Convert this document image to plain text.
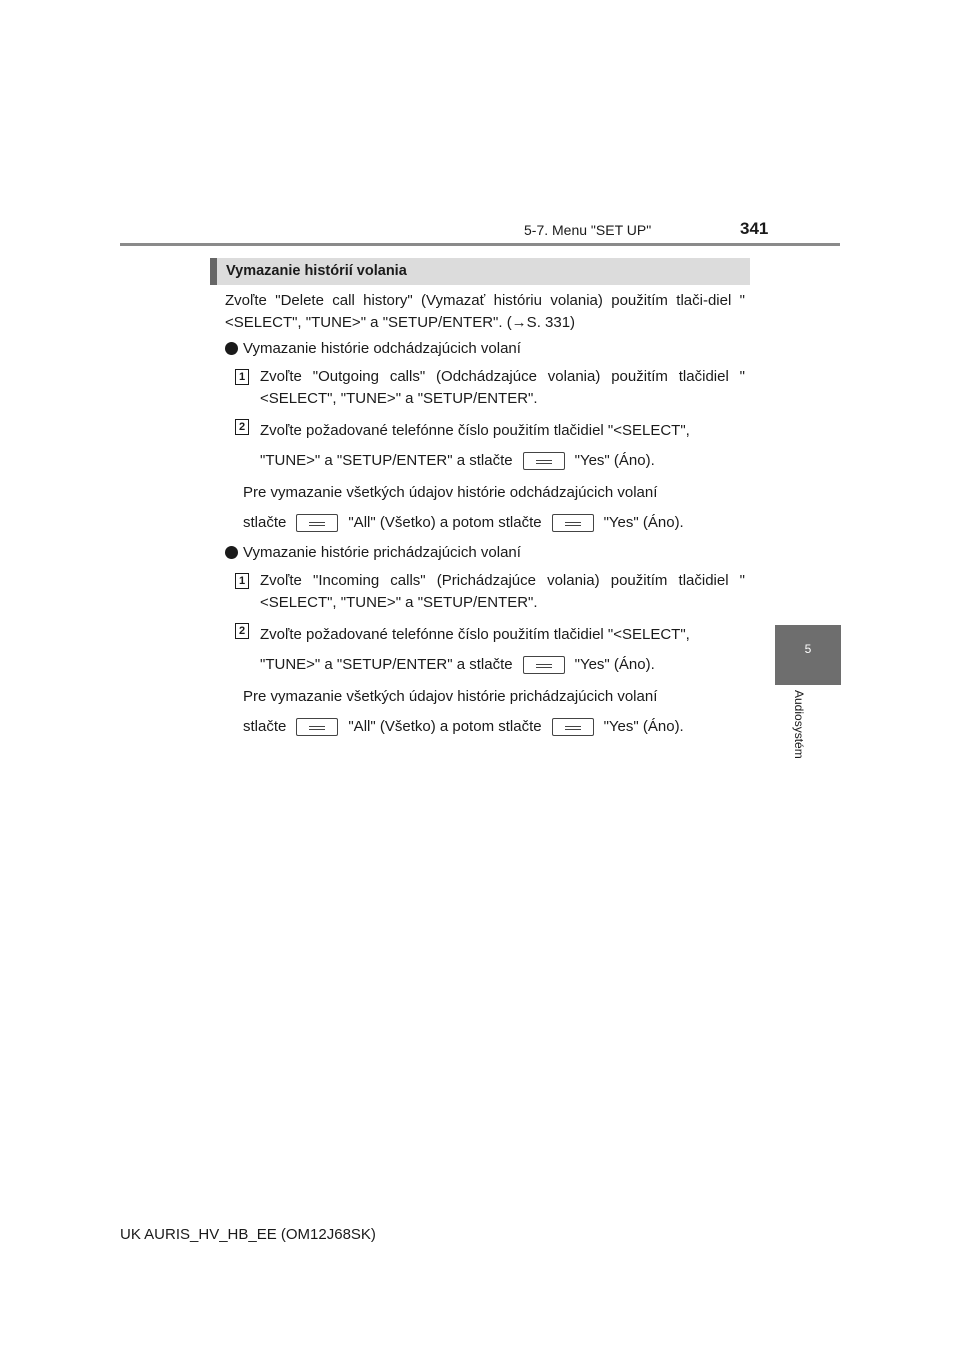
5-7. Menu "SET UP"	341
5
Audiosystém
Vymazanie histórií volania

Zvoľte "Delete call history" (Vymazať históriu volania) použitím tlači-diel "<SELECT", "TUNE>" a "SETUP/ENTER". (→S. 331)

Vymazanie histórie odchádzajúcich volaní
1 Zvoľte "Outgoing calls" (Odchádzajúce volania) použitím tlačidiel "<SELECT", "TUNE>" a "SETUP/ENTER".
2 Zvoľte požadované telefónne číslo použitím tlačidiel "<SELECT",
"TUNE>" a "SETUP/ENTER" a stlačte	"Yes" (Áno).
Pre vymazanie všetkých údajov histórie odchádzajúcich volaní
stlačte	"All" (Všetko) a potom stlačte	"Yes" (Áno).
Vymazanie histórie prichádzajúcich volaní
1 Zvoľte "Incoming calls" (Prichádzajúce volania) použitím tlačidiel "<SELECT", "TUNE>" a "SETUP/ENTER".
2 Zvoľte požadované telefónne číslo použitím tlačidiel "<SELECT",
"TUNE>" a "SETUP/ENTER" a stlačte	"Yes" (Áno).
Pre vymazanie všetkých údajov histórie prichádzajúcich volaní
stlačte	"All" (Všetko) a potom stlačte	"Yes" (Áno).
UK AURIS_HV_HB_EE (OM12J68SK)
